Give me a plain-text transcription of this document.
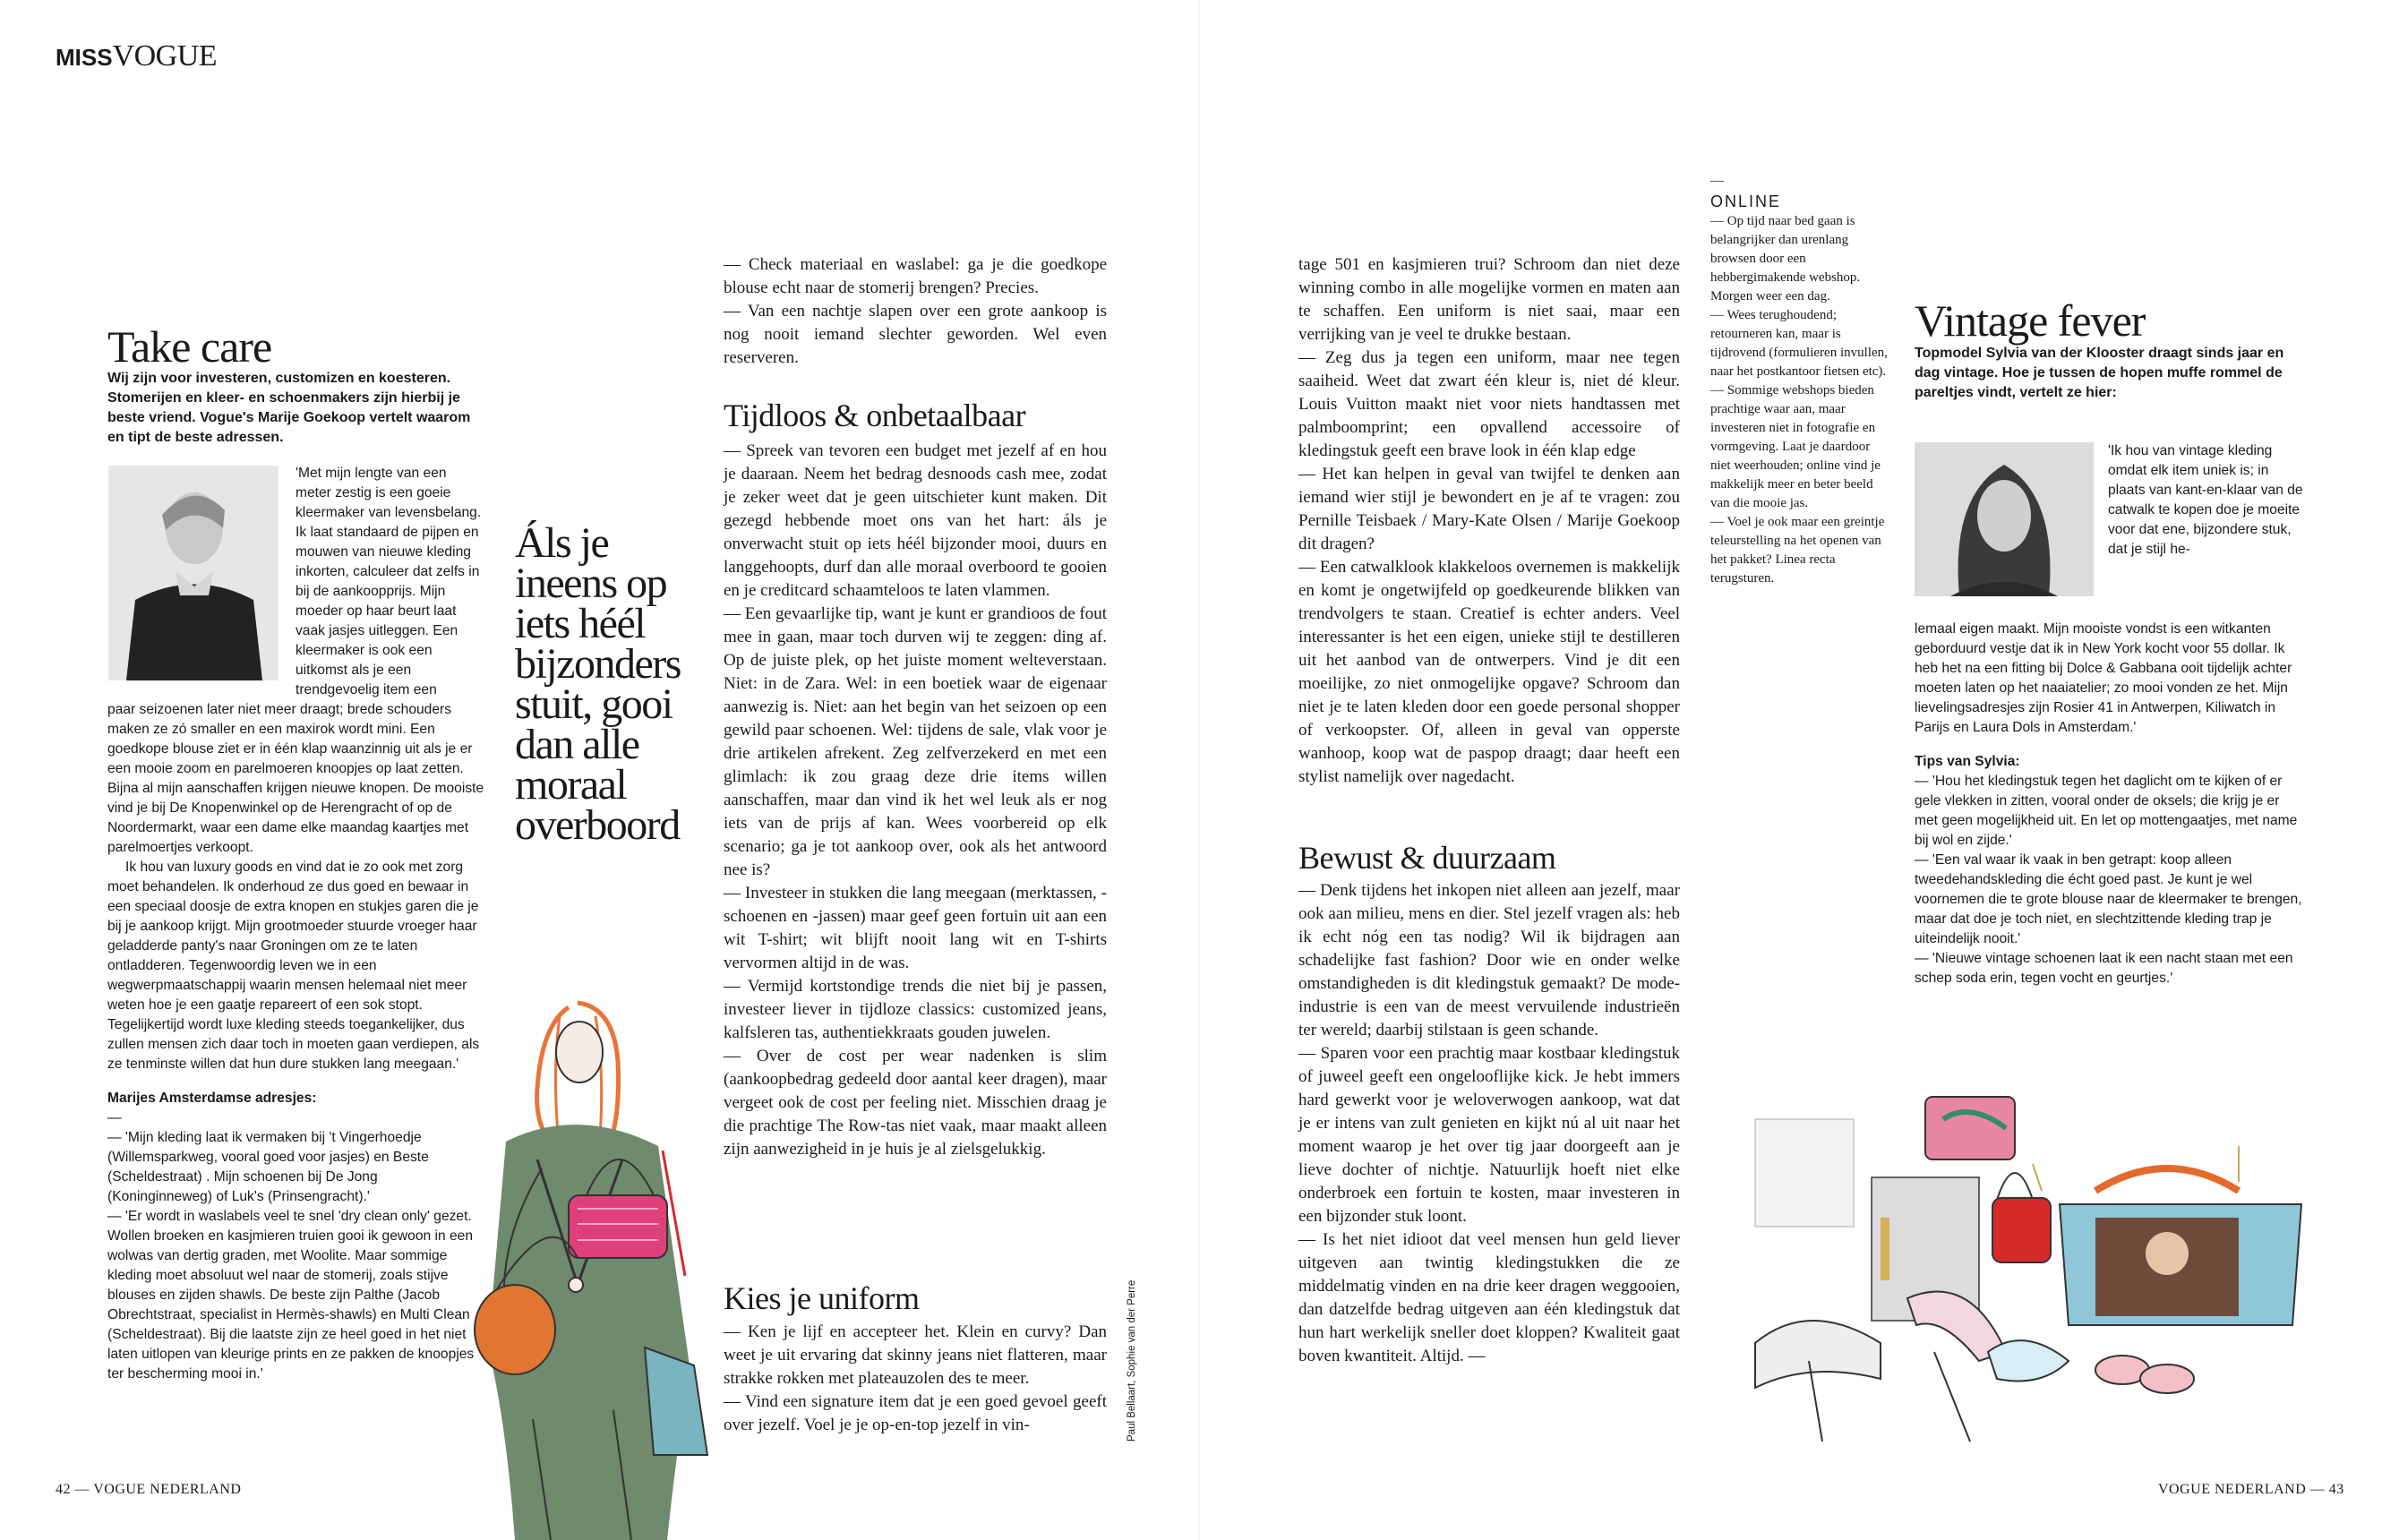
MISSVOGUE
Take care
Wij zijn voor investeren, customizen en koesteren. Stomerijen en kleer- en schoenmakers zijn hierbij je beste vriend. Vogue's Marije Goekoop vertelt waarom en tipt de beste adressen.
'Met mijn lengte van een meter zestig is een goeie kleermaker van levensbelang. Ik laat standaard de pijpen en mouwen van nieuwe kleding inkorten, calculeer dat zelfs in bij de aankoopprijs. Mijn moeder op haar beurt laat vaak jasjes uitleggen. Een kleermaker is ook een uitkomst als je een trendgevoelig item een

paar seizoenen later niet meer draagt; brede schouders maken ze zó smaller en een maxirok wordt mini. Een goedkope blouse ziet er in één klap waanzinnig uit als je er een mooie zoom en parelmoeren knoopjes op laat zetten. Bijna al mijn aanschaffen krijgen nieuwe knopen. De mooiste vind je bij De Knopenwinkel op de Herengracht of op de Noordermarkt, waar een dame elke maandag kaartjes met parelmoertjes verkoopt.

Ik hou van luxury goods en vind dat ie zo ook met zorg moet behandelen. Ik onderhoud ze dus goed en bewaar in een speciaal doosje de extra knopen en stukjes garen die je bij je aankoop krijgt. Mijn grootmoeder stuurde vroeger haar geladderde panty's naar Groningen om ze te laten ontladderen. Tegenwoordig leven we in een wegwerpmaatschappij waarin mensen helemaal niet meer weten hoe je een gaatje repareert of een sok stopt. Tegelijkertijd wordt luxe kleding steeds toegankelijker, dus zullen mensen zich daar toch in moeten gaan verdiepen, als ze tenminste willen dat hun dure stukken lang meegaan.'

Marijes Amsterdamse adresjes:

—

— 'Mijn kleding laat ik vermaken bij 't Vingerhoedje (Willemsparkweg, vooral goed voor jasjes) en Beste (Scheldestraat) . Mijn schoenen bij De Jong (Koninginneweg) of Luk's (Prinsengracht).'

— 'Er wordt in waslabels veel te snel 'dry clean only' gezet. Wollen broeken en kasjmieren truien gooi ik gewoon in een wolwas van dertig graden, met Woolite. Maar sommige kleding moet absoluut wel naar de stomerij, zoals stijve blouses en zijden shawls. De beste zijn Palthe (Jacob Obrechtstraat, specialist in Hermès-shawls) en Multi Clean (Scheldestraat). Bij die laatste zijn ze heel goed in het niet laten uitlopen van kleurige prints en ze pakken de knoopjes ter bescherming mooi in.'

Áls je ineens op iets héél bijzonders stuit, gooi dan alle moraal overboord

— Check materiaal en waslabel: ga je die goedkope blouse echt naar de stomerij brengen? Precies.

— Van een nachtje slapen over een grote aankoop is nog nooit iemand slechter geworden. Wel even reserveren.

Tijdloos & onbetaalbaar

— Spreek van tevoren een budget met jezelf af en hou je daaraan. Neem het bedrag desnoods cash mee, zodat je zeker weet dat je geen uitschieter kunt maken. Dit gezegd hebbende moet ons van het hart: áls je onverwacht stuit op iets héél bijzonder mooi, duurs en langgehoopts, durf dan alle moraal overboord te gooien en je creditcard schaamteloos te laten vlammen.

— Een gevaarlijke tip, want je kunt er grandioos de fout mee in gaan, maar toch durven wij te zeggen: ding af. Op de juiste plek, op het juiste moment welteverstaan. Niet: in de Zara. Wel: in een boetiek waar de eigenaar aanwezig is. Niet: aan het begin van het seizoen op een gewild paar schoenen. Wel: tijdens de sale, vlak voor je drie artikelen afrekent. Zeg zelfverzekerd en met een glimlach: ik zou graag deze drie items willen aanschaffen, maar dan vind ik het wel leuk als er nog iets van de prijs af kan. Wees voorbereid op elk scenario; ga je tot aankoop over, ook als het antwoord nee is?

— Investeer in stukken die lang meegaan (merktassen, -schoenen en -jassen) maar geef geen fortuin uit aan een wit T-shirt; wit blijft nooit lang wit en T-shirts vervormen altijd in de was.

— Vermijd kortstondige trends die niet bij je passen, investeer liever in tijdloze classics: customized jeans, kalfsleren tas, authentiekkraats gouden juwelen.

— Over de cost per wear nadenken is slim (aankoopbedrag gedeeld door aantal keer dragen), maar vergeet ook de cost per feeling niet. Misschien draag je die prachtige The Row-tas niet vaak, maar maakt alleen zijn aanwezigheid in je huis je al zielsgelukkig.

Kies je uniform

— Ken je lijf en accepteer het. Klein en curvy? Dan weet je uit ervaring dat skinny jeans niet flatteren, maar strakke rokken met plateauzolen des te meer.

— Vind een signature item dat je een goed gevoel geeft over jezelf. Voel je je op-en-top jezelf in vin-	Paul Bellaart, Sophie van der Perre
42 — VOGUE NEDERLAND

tage 501 en kasjmieren trui? Schroom dan niet deze winning combo in alle mogelijke vormen en maten aan te schaffen. Een uniform is niet saai, maar een verrijking van je veel te drukke bestaan.

— Zeg dus ja tegen een uniform, maar nee tegen saaiheid. Weet dat zwart één kleur is, niet dé kleur. Louis Vuitton maakt niet voor niets handtassen met palmboomprint; een opvallend accessoire of kledingstuk geeft een brave look in één klap edge

— Het kan helpen in geval van twijfel te denken aan iemand wier stijl je bewondert en je af te vragen: zou Pernille Teisbaek / Mary-Kate Olsen / Marije Goekoop dit dragen?

— Een catwalklook klakkeloos overnemen is makkelijk en komt je ongetwijfeld op goedkeurende blikken van trendvolgers te staan. Creatief is echter anders. Veel interessanter is het een eigen, unieke stijl te destilleren uit het aanbod van de ontwerpers. Vind je dit een moeilijke, zo niet onmogelijke opgave? Schroom dan niet je te laten kleden door een goede personal shopper of verkoopster. Of, alleen in geval van opperste wanhoop, koop wat de paspop draagt; daar heeft een stylist namelijk over nagedacht.

Bewust & duurzaam

— Denk tijdens het inkopen niet alleen aan jezelf, maar ook aan milieu, mens en dier. Stel jezelf vragen als: heb ik echt nóg een tas nodig? Wil ik bijdragen aan schadelijke fast fashion? Door wie en onder welke omstandigheden is dit kledingstuk gemaakt? De mode-industrie is een van de meest vervuilende industrieën ter wereld; daarbij stilstaan is geen schande.

— Sparen voor een prachtig maar kostbaar kledingstuk of juweel geeft een ongelooflijke kick. Je hebt immers hard gewerkt voor je weloverwogen aankoop, wat dat je er intens van zult genieten en kijkt nú al uit naar het moment waarop je het over tig jaar doorgeeft aan je lieve dochter of nichtje. Natuurlijk hoeft niet elke onderbroek een fortuin te kosten, maar investeren in een bijzonder stuk loont.

— Is het niet idioot dat veel mensen hun geld liever uitgeven aan twintig kledingstukken die ze middelmatig vinden en na drie keer dragen weggooien, dan datzelfde bedrag uitgeven aan één kledingstuk dat hun hart werkelijk sneller doet kloppen? Kwaliteit gaat boven kwantiteit. Altijd. —

—

ONLINE

— Op tijd naar bed gaan is belangrijker dan urenlang browsen door een hebbergimakende webshop. Morgen weer een dag.

— Wees terughoudend; retourneren kan, maar is tijdrovend (formulieren invullen, naar het postkantoor fietsen etc).

— Sommige webshops bieden prachtige waar aan, maar investeren niet in fotografie en vormgeving. Laat je daardoor niet weerhouden; online vind je makkelijk meer en beter beeld van die mooie jas.

— Voel je ook maar een greintje teleurstelling na het openen van het pakket? Linea recta terugsturen.

Vintage fever
Topmodel Sylvia van der Klooster draagt sinds jaar en dag vintage. Hoe je tussen de hopen muffe rommel de pareltjes vindt, vertelt ze hier:
'Ik hou van vintage kleding omdat elk item uniek is; in plaats van kant-en-klaar van de catwalk te kopen doe je moeite voor dat ene, bijzondere stuk, dat je stijl he-

lemaal eigen maakt. Mijn mooiste vondst is een witkanten geborduurd vestje dat ik in New York kocht voor 55 dollar. Ik heb het na een fitting bij Dolce & Gabbana ooit tijdelijk achter moeten laten op het naaiatelier; zo mooi vonden ze het. Mijn lievelingsadresjes zijn Rosier 41 in Antwerpen, Kiliwatch in Parijs en Laura Dols in Amsterdam.'

Tips van Sylvia:

— 'Hou het kledingstuk tegen het daglicht om te kijken of er gele vlekken in zitten, vooral onder de oksels; die krijg je er met geen mogelijkheid uit. En let op mottengaatjes, met name bij wol en zijde.'

— 'Een val waar ik vaak in ben getrapt: koop alleen tweedehandskleding die écht goed past. Je kunt je wel voornemen die te grote blouse naar de kleermaker te brengen, maar dat doe je toch niet, en slechtzittende kleding trap je uiteindelijk nooit.'

— 'Nieuwe vintage schoenen laat ik een nacht staan met een schep soda erin, tegen vocht en geurtjes.'

VOGUE NEDERLAND — 43
